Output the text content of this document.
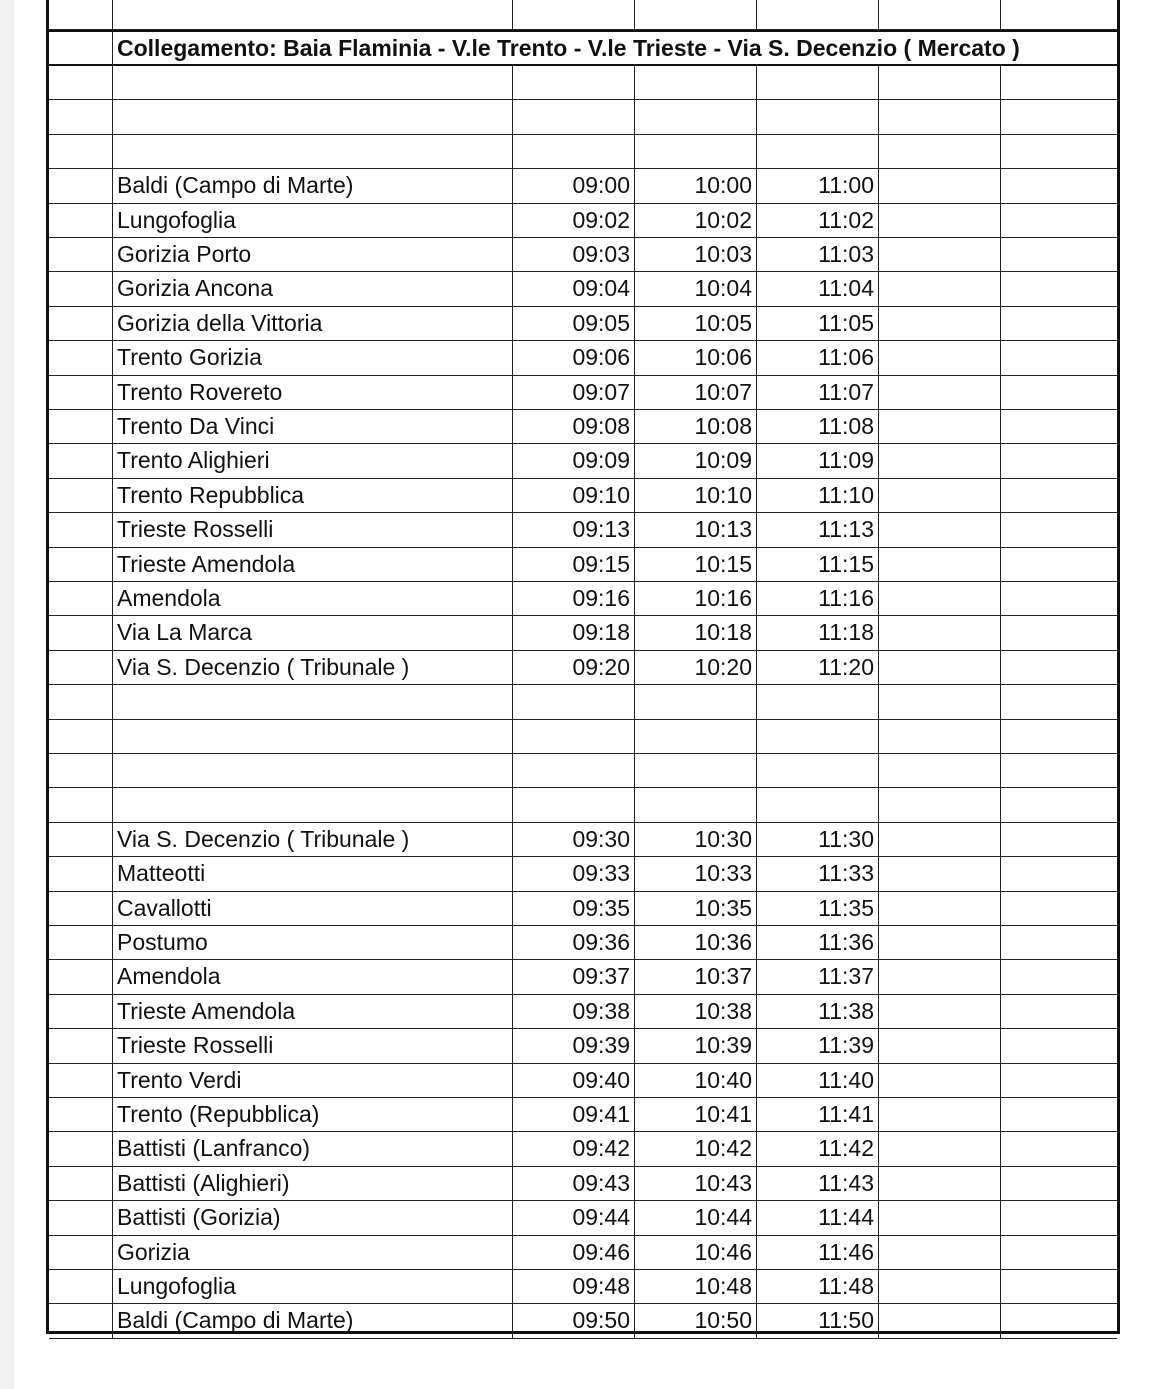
Collegamento: Baia Flaminia - V.le Trento - V.le Trieste - Via S. Decenzio ( Mercato )
Baldi (Campo di Marte)	09:00	10:00	11:00
Lungofoglia	09:02	10:02	11:02
Gorizia Porto	09:03	10:03	11:03
Gorizia Ancona	09:04	10:04	11:04
Gorizia della Vittoria	09:05	10:05	11:05
Trento Gorizia	09:06	10:06	11:06
Trento Rovereto	09:07	10:07	11:07
Trento Da Vinci	09:08	10:08	11:08
Trento Alighieri	09:09	10:09	11:09
Trento Repubblica	09:10	10:10	11:10
Trieste Rosselli	09:13	10:13	11:13
Trieste Amendola	09:15	10:15	11:15
Amendola	09:16	10:16	11:16
Via La Marca	09:18	10:18	11:18
Via S. Decenzio ( Tribunale )	09:20	10:20	11:20
Via S. Decenzio ( Tribunale )	09:30	10:30	11:30
Matteotti	09:33	10:33	11:33
Cavallotti	09:35	10:35	11:35
Postumo	09:36	10:36	11:36
Amendola	09:37	10:37	11:37
Trieste Amendola	09:38	10:38	11:38
Trieste Rosselli	09:39	10:39	11:39
Trento Verdi	09:40	10:40	11:40
Trento (Repubblica)	09:41	10:41	11:41
Battisti (Lanfranco)	09:42	10:42	11:42
Battisti (Alighieri)	09:43	10:43	11:43
Battisti (Gorizia)	09:44	10:44	11:44
Gorizia	09:46	10:46	11:46
Lungofoglia	09:48	10:48	11:48
Baldi (Campo di Marte)	09:50	10:50	11:50
